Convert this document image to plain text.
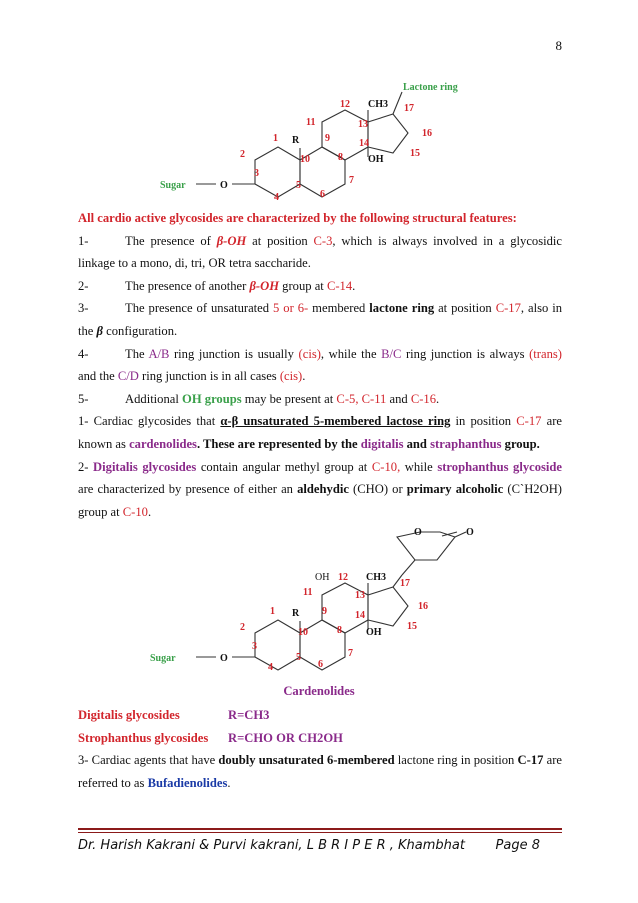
8
Lactone ring
Sugar	O
R
CH3
OH
1
2
3
4
5
6
7
8
9
10
11
12
13
14
15
16
17

All cardio active glycosides are characterized by the following structural features:

1-	The presence of β-OH at position C-3, which is always involved in a glycosidic linkage to a mono, di, tri, OR tetra saccharide.

2-	The presence of another β-OH group at C-14.

3-	The presence of unsaturated 5 or 6- membered lactone ring at position C-17, also in the β configuration.

4-	The A/B ring junction is usually (cis), while the B/C ring junction is always (trans) and the C/D ring junction is in all cases (cis).

5-	Additional OH groups may be present at C-5, C-11 and C-16.

1- Cardiac glycosides that α-β unsaturated 5-membered lactose ring in position C-17 are known as cardenolides. These are represented by the digitalis and straphanthus group.

2- Digitalis glycosides contain angular methyl group at C-10, while strophanthus glycoside are characterized by presence of either an aldehydic (CHO) or primary alcoholic (C`H2OH) group at C-10.

O	O
OH	CH3
Sugar	O
R
OH
1
2
3
4
5
6
7
8
9
10
11
12
13
14
15
16
17
Cardenolides

Digitalis glycosides	R=CH3

Strophanthus glycosides R=CHO OR CH2OH

3- Cardiac agents that have doubly unsaturated 6-membered lactone ring in position C-17 are referred to as Bufadienolides.

Dr. Harish Kakrani & Purvi kakrani, L B R I P E R , Khambhat Page 8
